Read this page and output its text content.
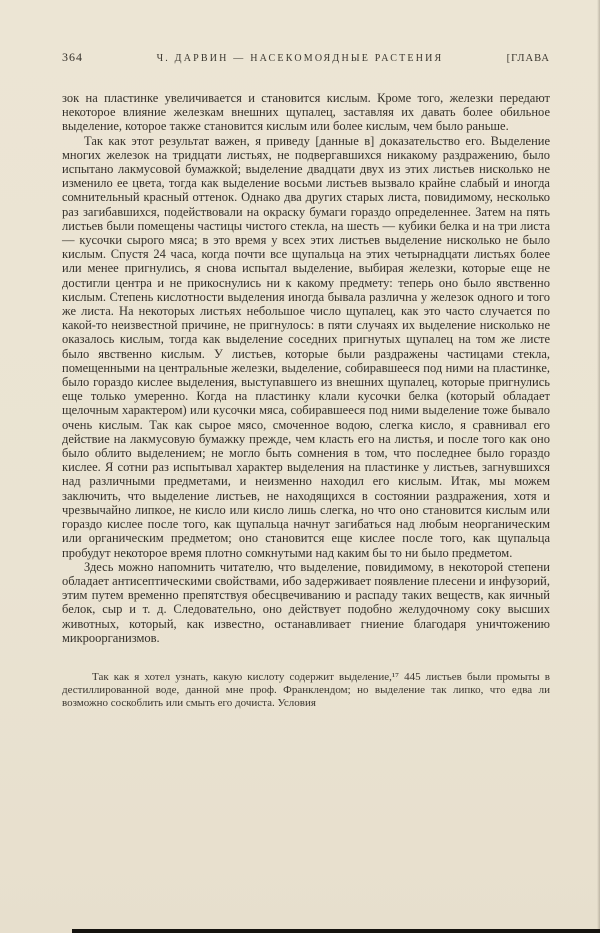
364	Ч. ДАРВИН — НАСЕКОМОЯДНЫЕ РАСТЕНИЯ	[ГЛАВА

зок на пластинке увеличивается и становится кислым. Кроме того, железки передают некоторое влияние железкам внешних щупалец, заставляя их давать более обильное выделение, которое также становится кислым или более кислым, чем было раньше.

Так как этот результат важен, я приведу [данные в] доказательство его. Выделение многих железок на тридцати листьях, не подвергавшихся никакому раздражению, было испытано лакмусовой бумажкой; выделение двадцати двух из этих листьев нисколько не изменило ее цвета, тогда как выделение восьми листьев вызвало крайне слабый и иногда сомнительный красный оттенок. Однако два других старых листа, повидимому, несколько раз загибавшихся, подействовали на окраску бумаги гораздо определеннее. Затем на пять листьев были помещены частицы чистого стекла, на шесть — кубики белка и на три листа — кусочки сырого мяса; в это время у всех этих листьев выделение нисколько не было кислым. Спустя 24 часа, когда почти все щупальца на этих четырнадцати листьях более или менее пригнулись, я снова испытал выделение, выбирая железки, которые еще не достигли центра и не прикоснулись ни к какому предмету: теперь оно было явственно кислым. Степень кислотности выделения иногда бывала различна у железок одного и того же листа. На некоторых листьях небольшое число щупалец, как это часто случается по какой-то неизвестной причине, не пригнулось: в пяти случаях их выделение нисколько не оказалось кислым, тогда как выделение соседних пригнутых щупалец на том же листе было явственно кислым. У листьев, которые были раздражены частицами стекла, помещенными на центральные железки, выделение, собиравшееся под ними на пластинке, было гораздо кислее выделения, выступавшего из внешних щупалец, которые пригнулись еще только умеренно. Когда на пластинку клали кусочки белка (который обладает щелочным характером) или кусочки мяса, собиравшееся под ними выделение тоже бывало очень кислым. Так как сырое мясо, смоченное водою, слегка кисло, я сравнивал его действие на лакмусовую бумажку прежде, чем класть его на листья, и после того как оно было облито выделением; не могло быть сомнения в том, что последнее было гораздо кислее. Я сотни раз испытывал характер выделения на пластинке у листьев, загнувшихся над различными предметами, и неизменно находил его кислым. Итак, мы можем заключить, что выделение листьев, не находящихся в состоянии раздражения, хотя и чрезвычайно липкое, не кисло или кисло лишь слегка, но что оно становится кислым или гораздо кислее после того, как щупальца начнут загибаться над любым неорганическим или органическим предметом; оно становится еще кислее после того, как щупальца пробудут некоторое время плотно сомкнутыми над каким бы то ни было предметом.

Здесь можно напомнить читателю, что выделение, повидимому, в некоторой степени обладает антисептическими свойствами, ибо задерживает появление плесени и инфузорий, этим путем временно препятствуя обесцвечиванию и распаду таких веществ, как яичный белок, сыр и т. д. Следовательно, оно действует подобно желудочному соку высших животных, который, как известно, останавливает гниение благодаря уничтожению микроорганизмов.

Так как я хотел узнать, какую кислоту содержит выделение,¹⁷ 445 листьев были промыты в дестиллированной воде, данной мне проф. Франклендом; но выделение так липко, что едва ли возможно соскоблить или смыть его дочиста. Условия
